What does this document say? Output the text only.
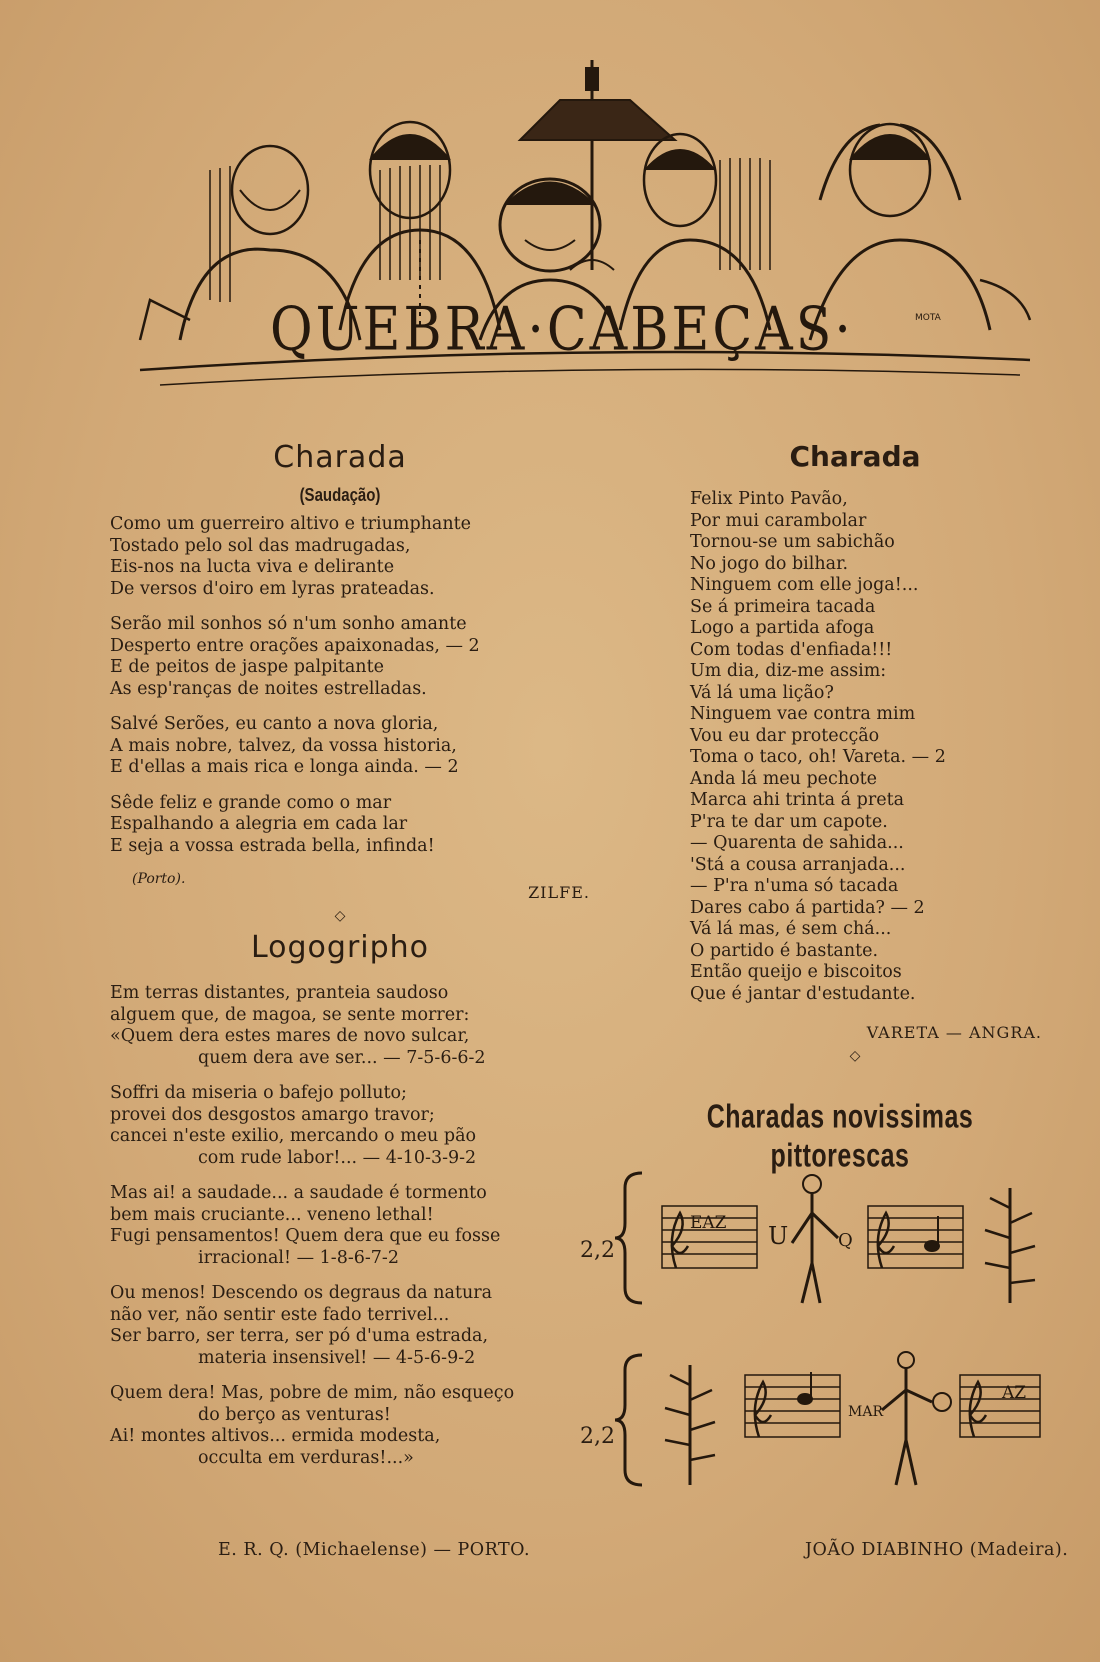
MOTA
QUEBRA·CABEÇAS·
Charada
(Saudação)
Como um guerreiro altivo e triumphante
Tostado pelo sol das madrugadas,
Eis-nos na lucta viva e delirante
De versos d'oiro em lyras prateadas.
Serão mil sonhos só n'um sonho amante
Desperto entre orações apaixonadas, — 2
E de peitos de jaspe palpitante
As esp'ranças de noites estrelladas.
Salvé Serões, eu canto a nova gloria,
A mais nobre, talvez, da vossa historia,
E d'ellas a mais rica e longa ainda. — 2
Sêde feliz e grande como o mar
Espalhando a alegria em cada lar
E seja a vossa estrada bella, infinda!
(Porto).
ZILFE.
◇
Logogripho
Em terras distantes, pranteia saudoso
alguem que, de magoa, se sente morrer:
«Quem dera estes mares de novo sulcar,
quem dera ave ser... — 7-5-6-6-2
Soffri da miseria o bafejo polluto;
provei dos desgostos amargo travor;
cancei n'este exilio, mercando o meu pão
com rude labor!... — 4-10-3-9-2
Mas ai! a saudade... a saudade é tormento
bem mais cruciante... veneno lethal!
Fugi pensamentos! Quem dera que eu fosse
irracional! — 1-8-6-7-2
Ou menos! Descendo os degraus da natura
não ver, não sentir este fado terrivel...
Ser barro, ser terra, ser pó d'uma estrada,
materia insensivel! — 4-5-6-9-2
Quem dera! Mas, pobre de mim, não esqueço
do berço as venturas!
Ai! montes altivos... ermida modesta,
occulta em verduras!...»
E. R. Q. (Michaelense) — PORTO.
Charada
Felix Pinto Pavão,
Por mui carambolar
Tornou-se um sabichão
No jogo do bilhar.
Ninguem com elle joga!...
Se á primeira tacada
Logo a partida afoga
Com todas d'enfiada!!!
Um dia, diz-me assim:
Vá lá uma lição?
Ninguem vae contra mim
Vou eu dar protecção
Toma o taco, oh! Vareta. — 2
Anda lá meu pechote
Marca ahi trinta á preta
P'ra te dar um capote.
— Quarenta de sahida...
'Stá a cousa arranjada...
— P'ra n'uma só tacada
Dares cabo á partida? — 2
Vá lá mas, é sem chá...
O partido é bastante.
Então queijo e biscoitos
Que é jantar d'estudante.
VARETA — ANGRA.
◇
Charadas novissimas pittorescas
2,2
EAZ U	Q
2,2
MAR
AZ
JOÃO DIABINHO (Madeira).
